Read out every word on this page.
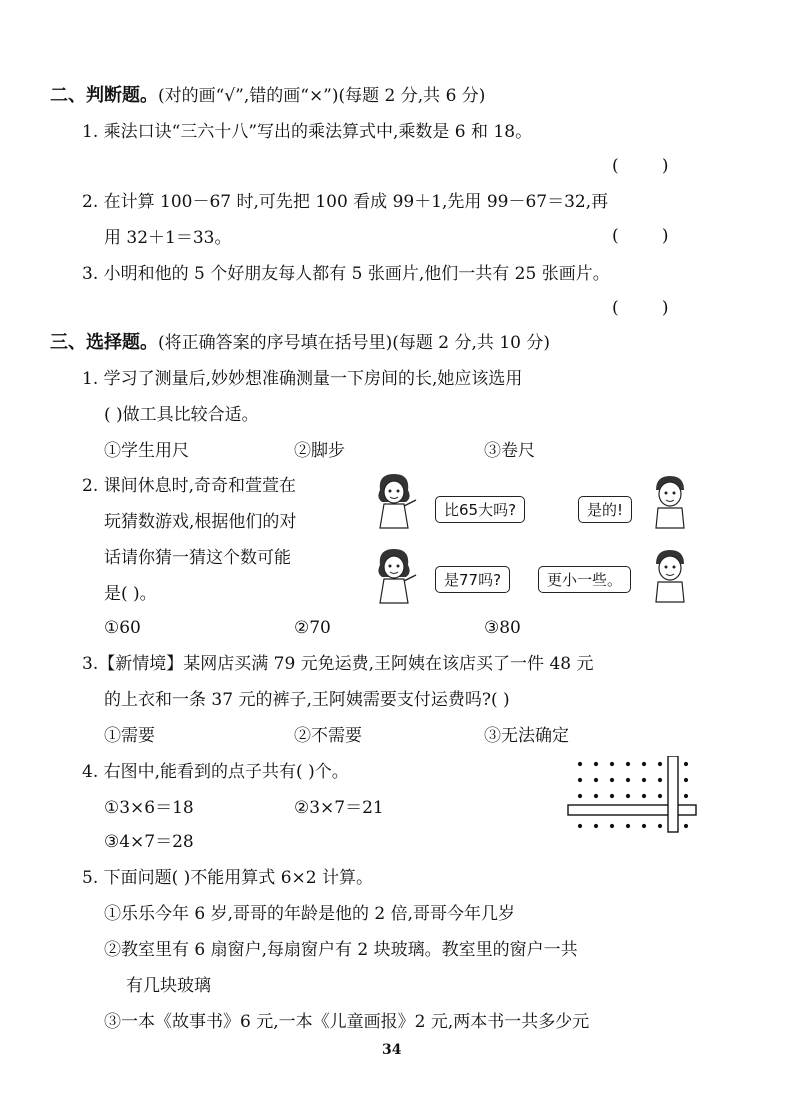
二、判断题。(对的画“√”,错的画“×”)(每题 2 分,共 6 分)
1. 乘法口诀“三六十八”写出的乘法算式中,乘数是 6 和 18。
(        )
2. 在计算 100－67 时,可先把 100 看成 99＋1,先用 99－67＝32,再
用 32＋1＝33。	(        )
3. 小明和他的 5 个好朋友每人都有 5 张画片,他们一共有 25 张画片。
(        )
三、选择题。(将正确答案的序号填在括号里)(每题 2 分,共 10 分)
1. 学习了测量后,妙妙想准确测量一下房间的长,她应该选用
( )做工具比较合适。
①学生用尺	②脚步	③卷尺
2. 课间休息时,奇奇和萱萱在
玩猜数游戏,根据他们的对
话请你猜一猜这个数可能
是( )。
比65大吗?	是的!
是77吗?	更小一些。
①60	②70	③80
3.【新情境】某网店买满 79 元免运费,王阿姨在该店买了一件 48 元
的上衣和一条 37 元的裤子,王阿姨需要支付运费吗?( )
①需要	②不需要	③无法确定
4. 右图中,能看到的点子共有( )个。
①3×6＝18	②3×7＝21
③4×7＝28
5. 下面问题( )不能用算式 6×2 计算。
①乐乐今年 6 岁,哥哥的年龄是他的 2 倍,哥哥今年几岁
②教室里有 6 扇窗户,每扇窗户有 2 块玻璃。教室里的窗户一共
有几块玻璃
③一本《故事书》6 元,一本《儿童画报》2 元,两本书一共多少元
34
